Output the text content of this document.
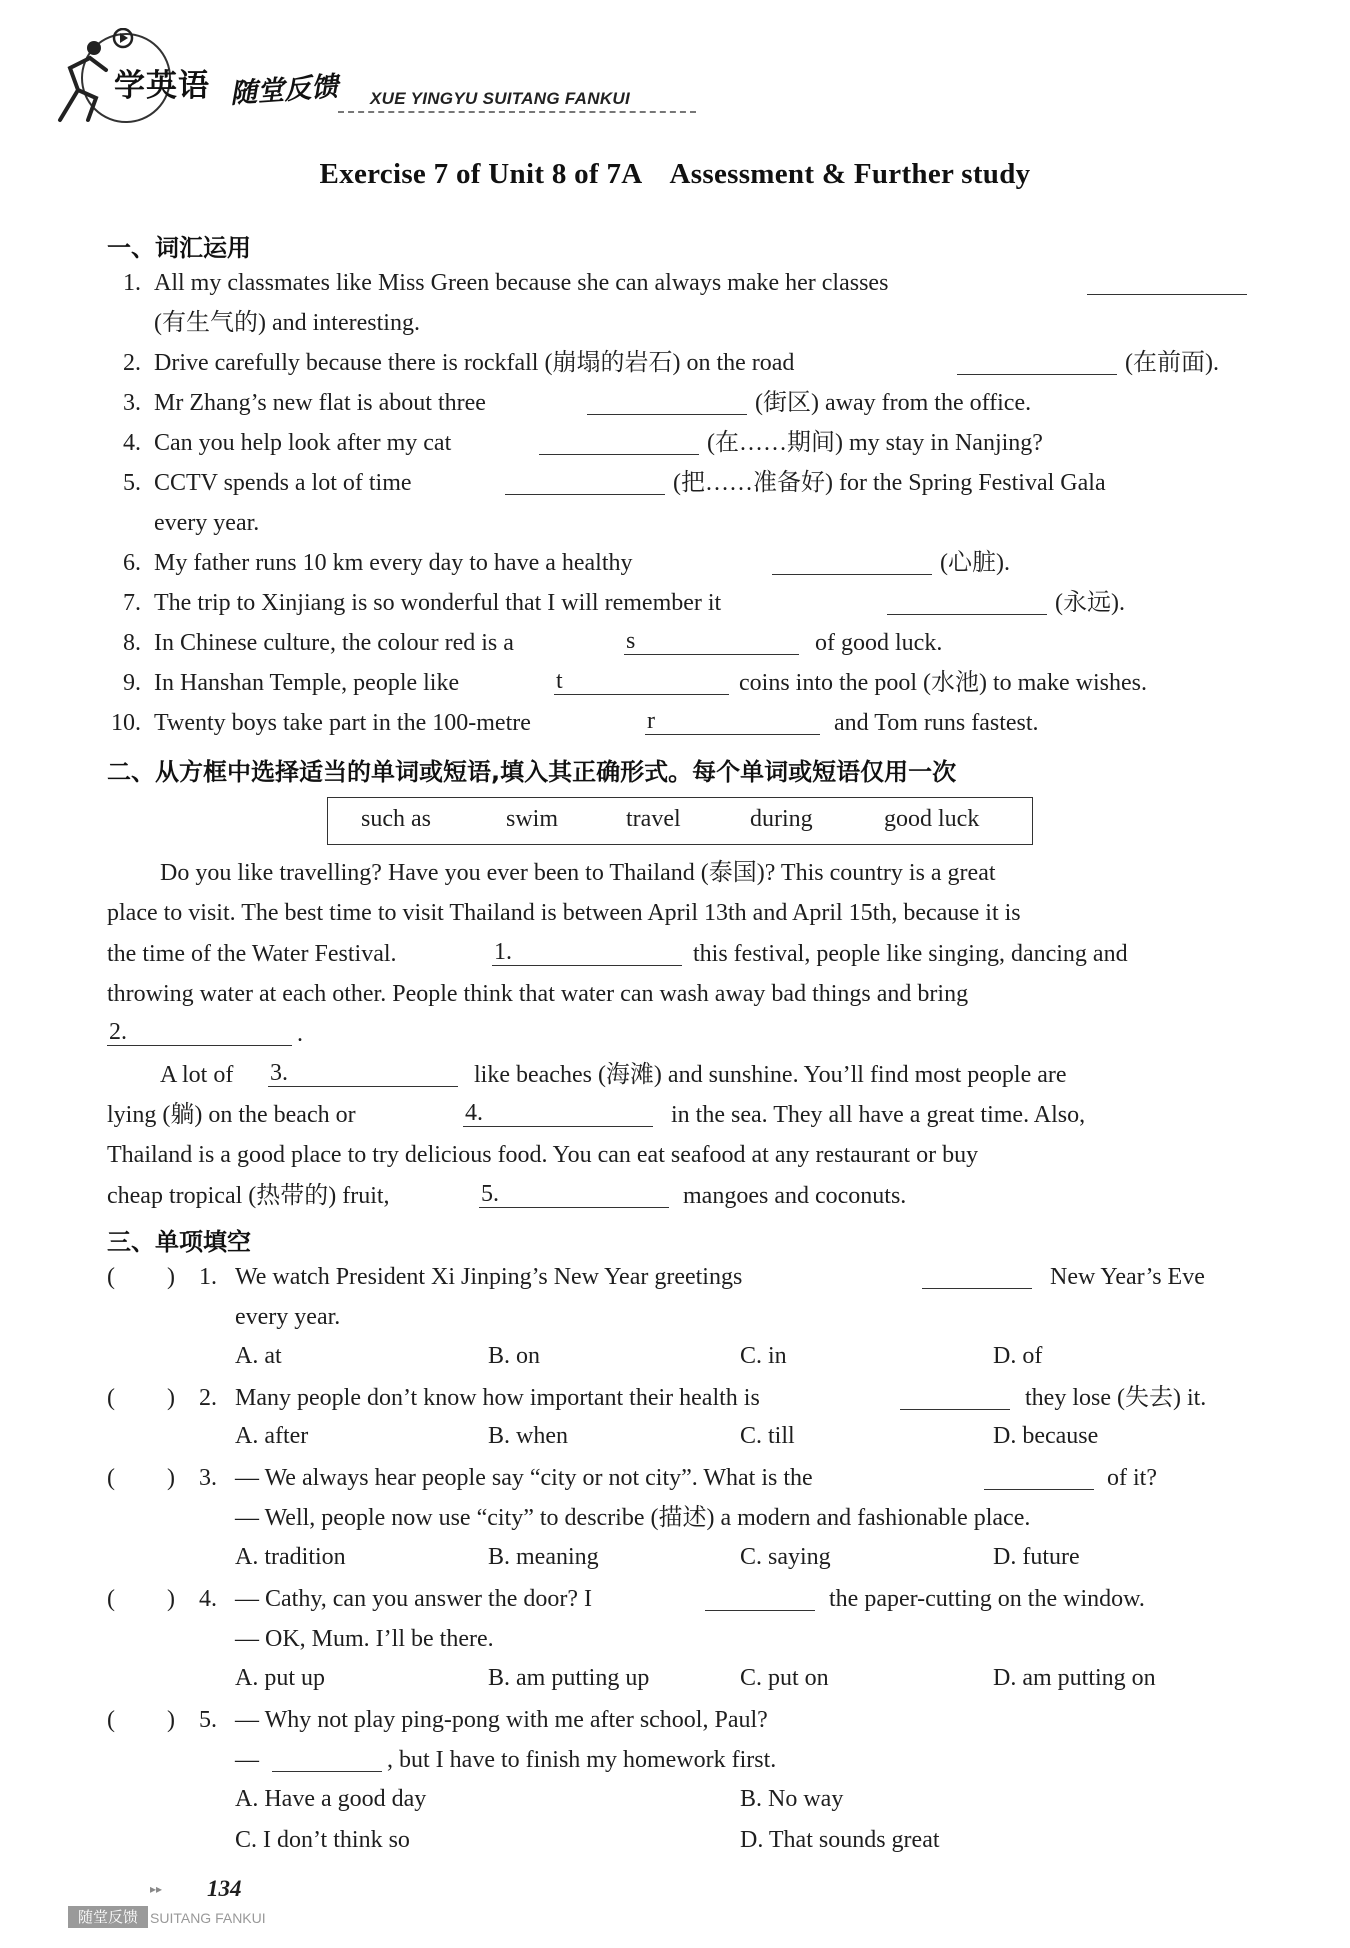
学英语 随堂反馈 XUE YINGYU SUITANG FANKUI
Exercise 7 of Unit 8 of 7A    Assessment & Further study
一、词汇运用
1. All my classmates like Miss Green because she can always make her classes
(有生气的) and interesting.
2. Drive carefully because there is rockfall (崩塌的岩石) on the road	(在前面).
3. Mr Zhang’s new flat is about three	(街区) away from the office.
4. Can you help look after my cat	(在……期间) my stay in Nanjing?
5. CCTV spends a lot of time	(把……准备好) for the Spring Festival Gala
every year.
6. My father runs 10 km every day to have a healthy	(心脏).
7. The trip to Xinjiang is so wonderful that I will remember it	(永远).
8. In Chinese culture, the colour red is a	s	of good luck.
9. In Hanshan Temple, people like	t	coins into the pool (水池) to make wishes.
10. Twenty boys take part in the 100-metre	r	and Tom runs fastest.
二、从方框中选择适当的单词或短语,填入其正确形式。每个单词或短语仅用一次
such as	swim	travel	during	good luck
Do you like travelling? Have you ever been to Thailand (泰国)? This country is a great
place to visit. The best time to visit Thailand is between April 13th and April 15th, because it is
the time of the Water Festival.	1.	this festival, people like singing, dancing and
throwing water at each other. People think that water can wash away bad things and bring
2.	.
A lot of 3.	like beaches (海滩) and sunshine. You’ll find most people are
lying (躺) on the beach or	4.	in the sea. They all have a great time. Also,
Thailand is a good place to try delicious food. You can eat seafood at any restaurant or buy
cheap tropical (热带的) fruit,	5.	mangoes and coconuts.
三、单项填空
( ) 1. We watch President Xi Jinping’s New Year greetings	New Year’s Eve
every year.
A. at	B. on	C. in	D. of
( ) 2. Many people don’t know how important their health is	they lose (失去) it.
A. after	B. when	C. till	D. because
( ) 3. — We always hear people say “city or not city”. What is the	of it?
— Well, people now use “city” to describe (描述) a modern and fashionable place.
A. tradition	B. meaning	C. saying	D. future
( ) 4. — Cathy, can you answer the door? I	the paper-cutting on the window.
— OK, Mum. I’ll be there.
A. put up	B. am putting up	C. put on	D. am putting on
( ) 5. — Why not play ping-pong with me after school, Paul?
—	, but I have to finish my homework first.
A. Have a good day	B. No way
C. I don’t think so	D. That sounds great
▸▸ 134
随堂反馈 SUITANG FANKUI
